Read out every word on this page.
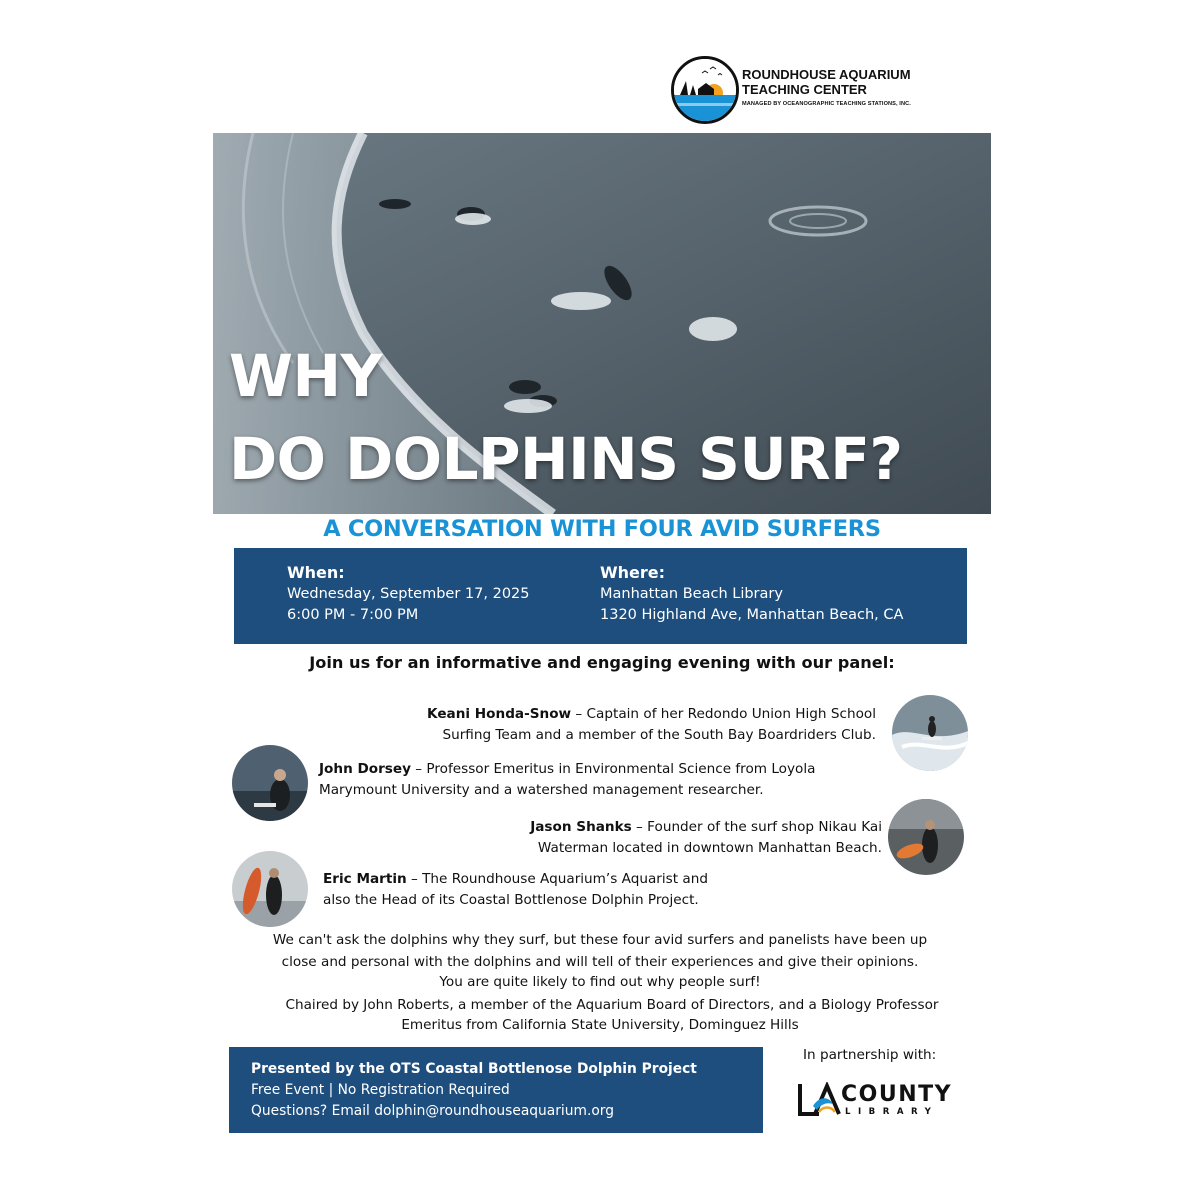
ROUNDHOUSE AQUARIUM
TEACHING CENTER
MANAGED BY OCEANOGRAPHIC TEACHING STATIONS, INC.
WHY
DO DOLPHINS SURF?
A CONVERSATION WITH FOUR AVID SURFERS
When:
Wednesday, September 17, 2025
6:00 PM - 7:00 PM
Where:
Manhattan Beach Library
1320 Highland Ave, Manhattan Beach, CA
Join us for an informative and engaging evening with our panel:
Keani Honda-Snow – Captain of her Redondo Union High School
Surfing Team and a member of the South Bay Boardriders Club.
John Dorsey – Professor Emeritus in Environmental Science from Loyola
Marymount University and a watershed management researcher.
Jason Shanks – Founder of the surf shop Nikau Kai
Waterman located in downtown Manhattan Beach.
Eric Martin – The Roundhouse Aquarium’s Aquarist and
also the Head of its Coastal Bottlenose Dolphin Project.
We can't ask the dolphins why they surf, but these four avid surfers and panelists have been up
close and personal with the dolphins and will tell of their experiences and give their opinions.
You are quite likely to find out why people surf!
Chaired by John Roberts, a member of the Aquarium Board of Directors, and a Biology Professor
Emeritus from California State University, Dominguez Hills
Presented by the OTS Coastal Bottlenose Dolphin Project
Free Event | No Registration Required
Questions? Email dolphin@roundhouseaquarium.org
In partnership with:
COUNTY
LIBRARY
